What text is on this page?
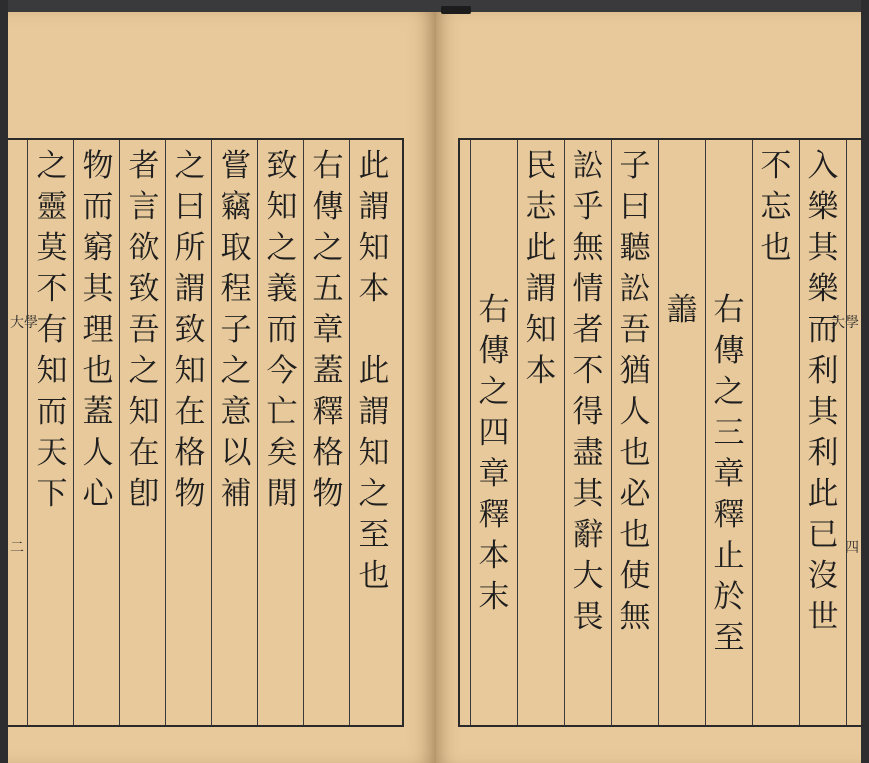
大學
二
此
謂
知
本

此
謂
知
之
至
也
右
傳
之
五
章
蓋
釋
格
物
致
知
之
義
而
今
亡
矣
閒
嘗
竊
取
程
子
之
意
以
補
之
曰
所
謂
致
知
在
格
物
者
言
欲
致
吾
之
知
在
卽
物
而
窮
其
理
也
蓋
人
心
之
靈
莫
不
有
知
而
天
下
大學
四
入
樂
其
樂
而
利
其
利
此
已
沒
世
不
忘
也
右
傳
之
三
章
釋
止
於
至
譱
子
曰
聽
訟
吾
猶
人
也
必
也
使
無
訟
乎
無
情
者
不
得
盡
其
辭
大
畏
民
志
此
謂
知
本
右
傳
之
四
章
釋
本
末
